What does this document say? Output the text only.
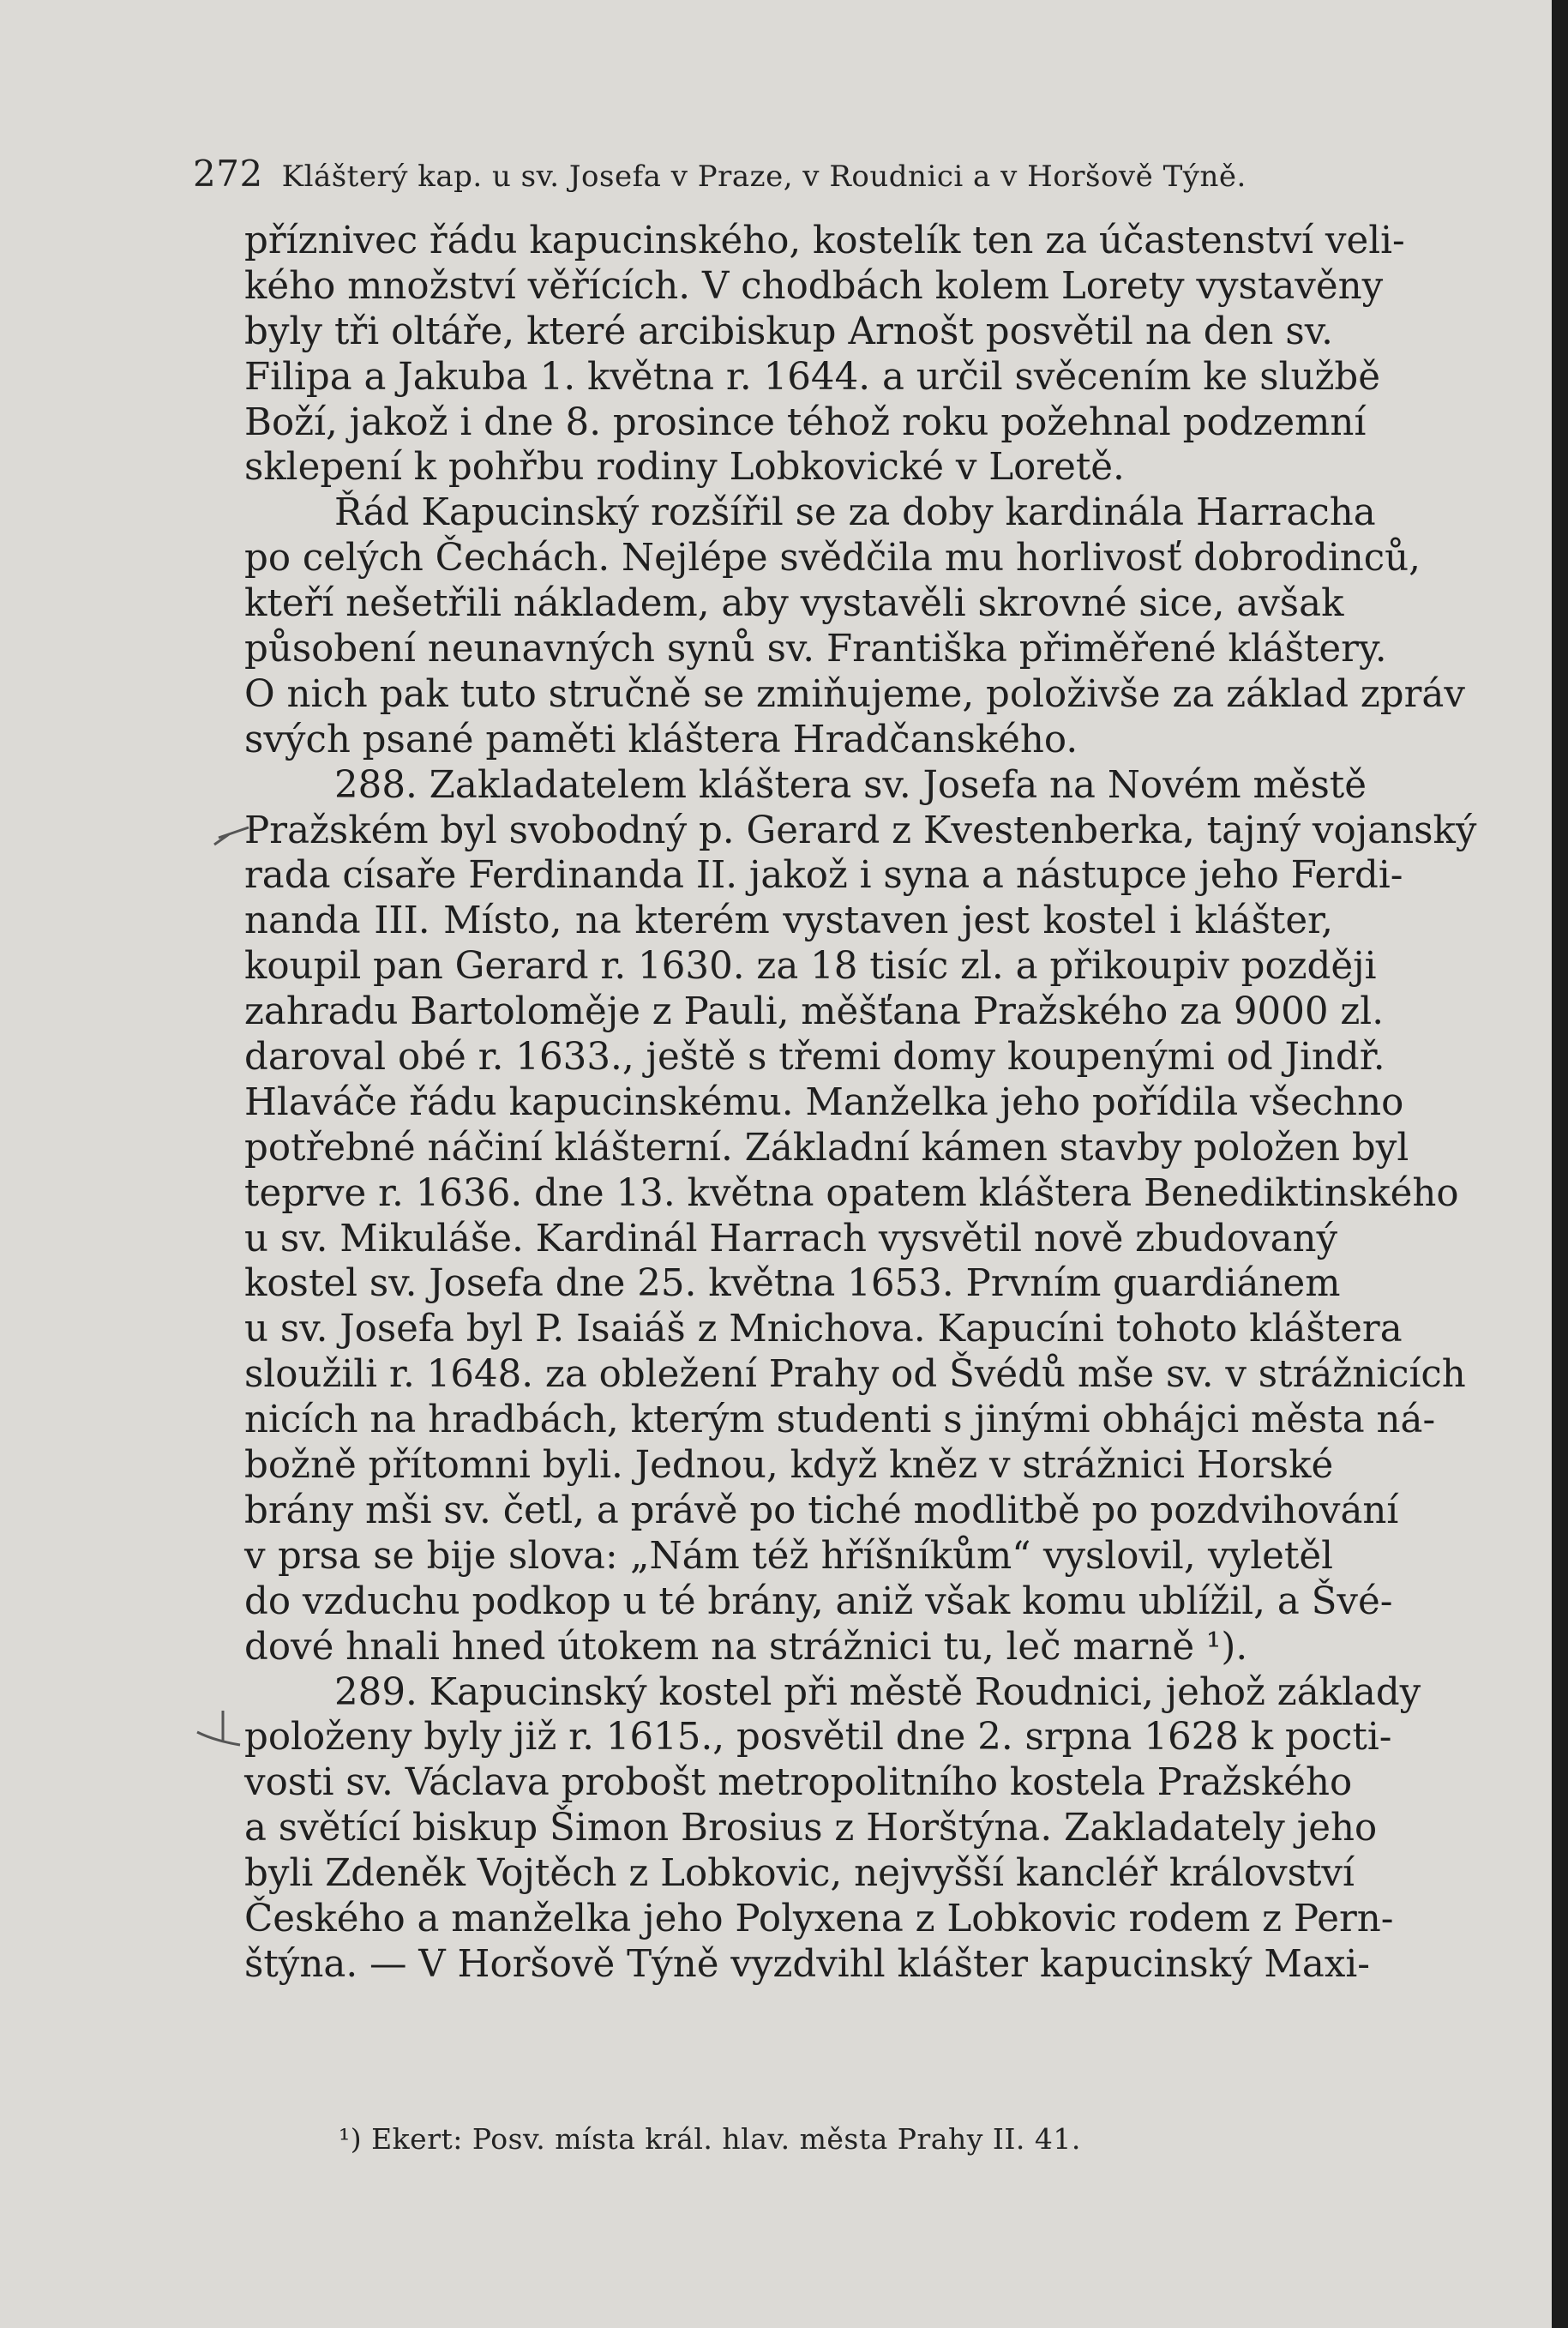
272 Klášterý kap. u sv. Josefa v Praze, v Roudnici a v Horšově Týně.
příznivec řádu kapucinského, kostelík ten za účastenství veli-
kého množství věřících. V chodbách kolem Lorety vystavěny
byly tři oltáře, které arcibiskup Arnošt posvětil na den sv.
Filipa a Jakuba 1. května r. 1644. a určil svěcením ke službě
Boží, jakož i dne 8. prosince téhož roku požehnal podzemní
sklepení k pohřbu rodiny Lobkovické v Loretě.
Řád Kapucinský rozšířil se za doby kardinála Harracha
po celých Čechách. Nejlépe svědčila mu horlivosť dobrodinců,
kteří nešetřili nákladem, aby vystavěli skrovné sice, avšak
působení neunavných synů sv. Františka přiměřené kláštery.
O nich pak tuto stručně se zmiňujeme, položivše za základ zpráv
svých psané paměti kláštera Hradčanského.
288. Zakladatelem kláštera sv. Josefa na Novém městě
Pražském byl svobodný p. Gerard z Kvestenberka, tajný vojanský
rada císaře Ferdinanda II. jakož i syna a nástupce jeho Ferdi-
nanda III. Místo, na kterém vystaven jest kostel i klášter,
koupil pan Gerard r. 1630. za 18 tisíc zl. a přikoupiv později
zahradu Bartoloměje z Pauli, měšťana Pražského za 9000 zl.
daroval obé r. 1633., ještě s třemi domy koupenými od Jindř.
Hlaváče řádu kapucinskému. Manželka jeho pořídila všechno
potřebné náčiní klášterní. Základní kámen stavby položen byl
teprve r. 1636. dne 13. května opatem kláštera Benediktinského
u sv. Mikuláše. Kardinál Harrach vysvětil nově zbudovaný
kostel sv. Josefa dne 25. května 1653. Prvním guardiánem
u sv. Josefa byl P. Isaiáš z Mnichova. Kapucíni tohoto kláštera
sloužili r. 1648. za obležení Prahy od Švédů mše sv. v strážnicích
nicích na hradbách, kterým studenti s jinými obhájci města ná-
božně přítomni byli. Jednou, když kněz v strážnici Horské
brány mši sv. četl, a právě po tiché modlitbě po pozdvihování
v prsa se bije slova: „Nám též hříšníkům“ vyslovil, vyletěl
do vzduchu podkop u té brány, aniž však komu ublížil, a Švé-
dové hnali hned útokem na strážnici tu, leč marně ¹).
289. Kapucinský kostel při městě Roudnici, jehož základy
položeny byly již r. 1615., posvětil dne 2. srpna 1628 k pocti-
vosti sv. Václava probošt metropolitního kostela Pražského
a světící biskup Šimon Brosius z Horštýna. Zakladately jeho
byli Zdeněk Vojtěch z Lobkovic, nejvyšší kancléř království
Českého a manželka jeho Polyxena z Lobkovic rodem z Pern-
štýna. — V Horšově Týně vyzdvihl klášter kapucinský Maxi-
¹) Ekert: Posv. místa král. hlav. města Prahy II. 41.
